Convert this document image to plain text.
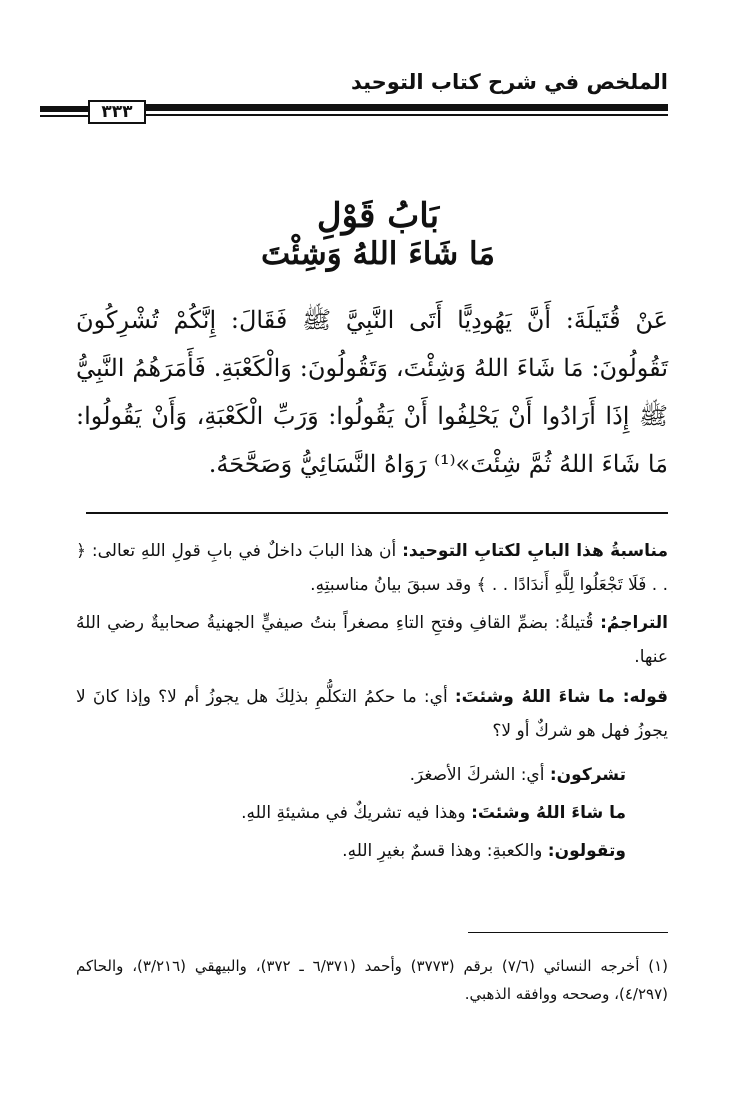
الملخص في شرح كتاب التوحيد
٣٣٣
بَابُ قَوْلِ
مَا شَاءَ اللهُ وَشِئْتَ
عَنْ قُتَيلَةَ: أَنَّ يَهُودِيًّا أَتَى النَّبِيَّ ﷺ فَقَالَ: إِنَّكُمْ تُشْرِكُونَ تَقُولُونَ: مَا شَاءَ اللهُ وَشِئْتَ، وَتَقُولُونَ: وَالْكَعْبَةِ. فَأَمَرَهُمُ النَّبِيُّ ﷺ إِذَا أَرَادُوا أَنْ يَحْلِفُوا أَنْ يَقُولُوا: وَرَبِّ الْكَعْبَةِ، وَأَنْ يَقُولُوا: مَا شَاءَ اللهُ ثُمَّ شِئْتَ»⁽¹⁾ رَوَاهُ النَّسَائِيُّ وَصَحَّحَهُ.
مناسبةُ هذا البابِ لكتابِ التوحيد: أن هذا البابَ داخلٌ في بابِ قولِ اللهِ تعالى: ﴿ . . فَلَا تَجْعَلُوا لِلَّهِ أَندَادًا . . ﴾ وقد سبقَ بيانُ مناسبتِهِ.
التراجمُ: قُتيلةُ: بضمِّ القافِ وفتحِ التاءِ مصغراً بنتُ صيفيٍّ الجهنيةُ صحابيةٌ رضي اللهُ عنها.
قوله: ما شاءَ اللهُ وشئتَ: أي: ما حكمُ التكلُّمِ بذلِكَ هل يجوزُ أم لا؟ وإذا كانَ لا يجوزُ فهل هو شركٌ أو لا؟
تشركون: أي: الشركَ الأصغرَ.
ما شاءَ اللهُ وشئتَ: وهذا فيه تشريكٌ في مشيئةِ اللهِ.
وتقولون: والكعبةِ: وهذا قسمٌ بغيرِ اللهِ.
(١) أخرجه النسائي (٧/٦) برقم (٣٧٧٣) وأحمد (٦/٣٧١ ـ ٣٧٢)، والبيهقي (٣/٢١٦)، والحاكم (٤/٢٩٧)، وصححه ووافقه الذهبي.
